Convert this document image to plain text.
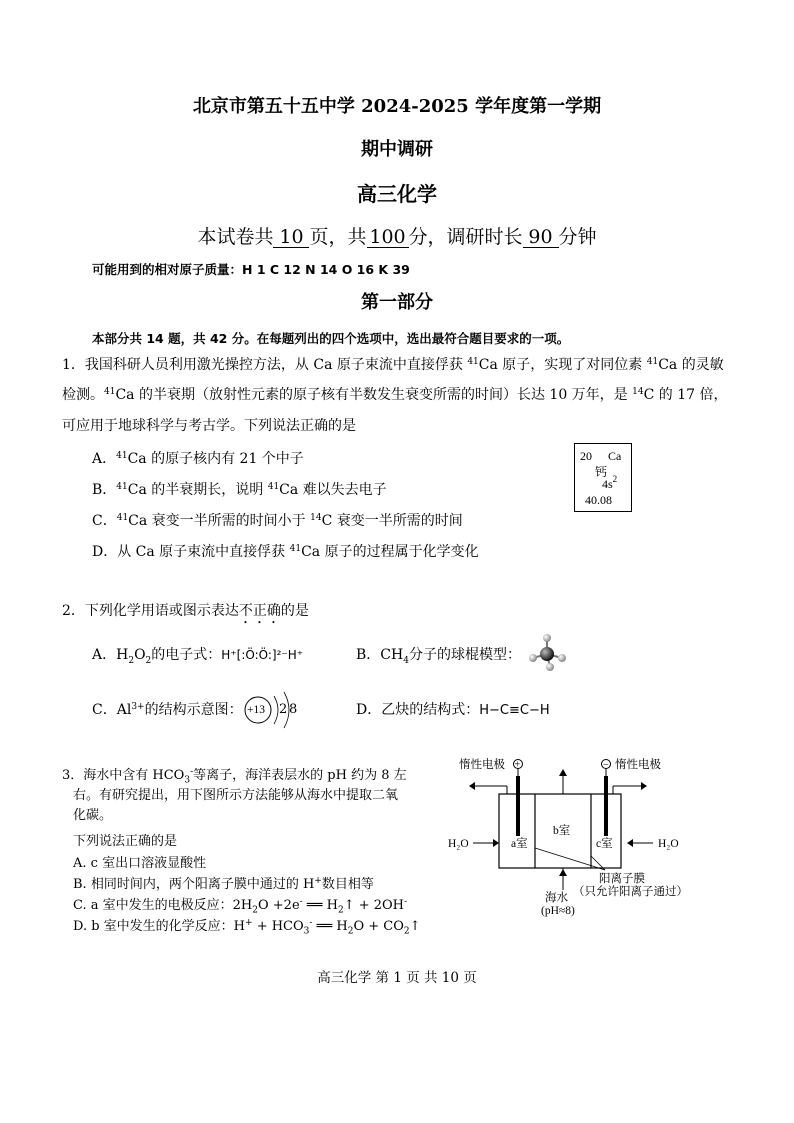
北京市第五十五中学 2024-2025 学年度第一学期
期中调研
高三化学
本试卷共 10 页，共 100 分，调研时长 90 分钟
可能用到的相对原子质量：H 1 C 12 N 14 O 16 K 39
第一部分
本部分共 14 题，共 42 分。在每题列出的四个选项中，选出最符合题目要求的一项。
1．我国科研人员利用激光操控方法，从 Ca 原子束流中直接俘获 $^{41}$Ca 原子，实现了对同位素 $^{41}$Ca 的灵敏
检测。$^{41}$Ca 的半衰期（放射性元素的原子核有半数发生衰变所需的时间）长达 10 万年，是 $^{14}$C 的 17 倍，
可应用于地球科学与考古学。下列说法正确的是
A．$^{41}$Ca 的原子核内有 21 个中子
B．$^{41}$Ca 的半衰期长，说明 $^{41}$Ca 难以失去电子
C．$^{41}$Ca 衰变一半所需的时间小于 $^{14}$C 衰变一半所需的时间
D．从 Ca 原子束流中直接俘获 $^{41}$Ca 原子的过程属于化学变化
20 Ca
钙
$4s^2$
40.08
2．下列化学用语或图示表达不正确的是
A．$H_2O_2$的电子式：H⁺[:Ö:Ö:]²⁻H⁺	B．$CH_4$分子的球棍模型：
C．$Al^{3+}$的结构示意图： +13 2 8	D．乙炔的结构式：H−C≡C−H
3．海水中含有 $HCO_3^-$等离子，海洋表层水的 pH 约为 8 左
右。有研究提出，用下图所示方法能够从海水中提取二氧
化碳。
下列说法正确的是
A. c 室出口溶液显酸性
B. 相同时间内，两个阳离子膜中通过的 H+数目相等
C. a 室中发生的电极反应：$2H_2O +2e^-$ ══ $H_2↑ + 2OH^-$
D. b 室中发生的化学反应：$H^+ + HCO_3^-$ ══ $H_2O$ + $CO_2↑$
+	−
惰性电极	惰性电极
H₂O	H₂O
a室
b室
c室
海水
(pH≈8)
阳离子膜
（只允许阳离子通过）
高三化学 第 1 页 共 10 页
